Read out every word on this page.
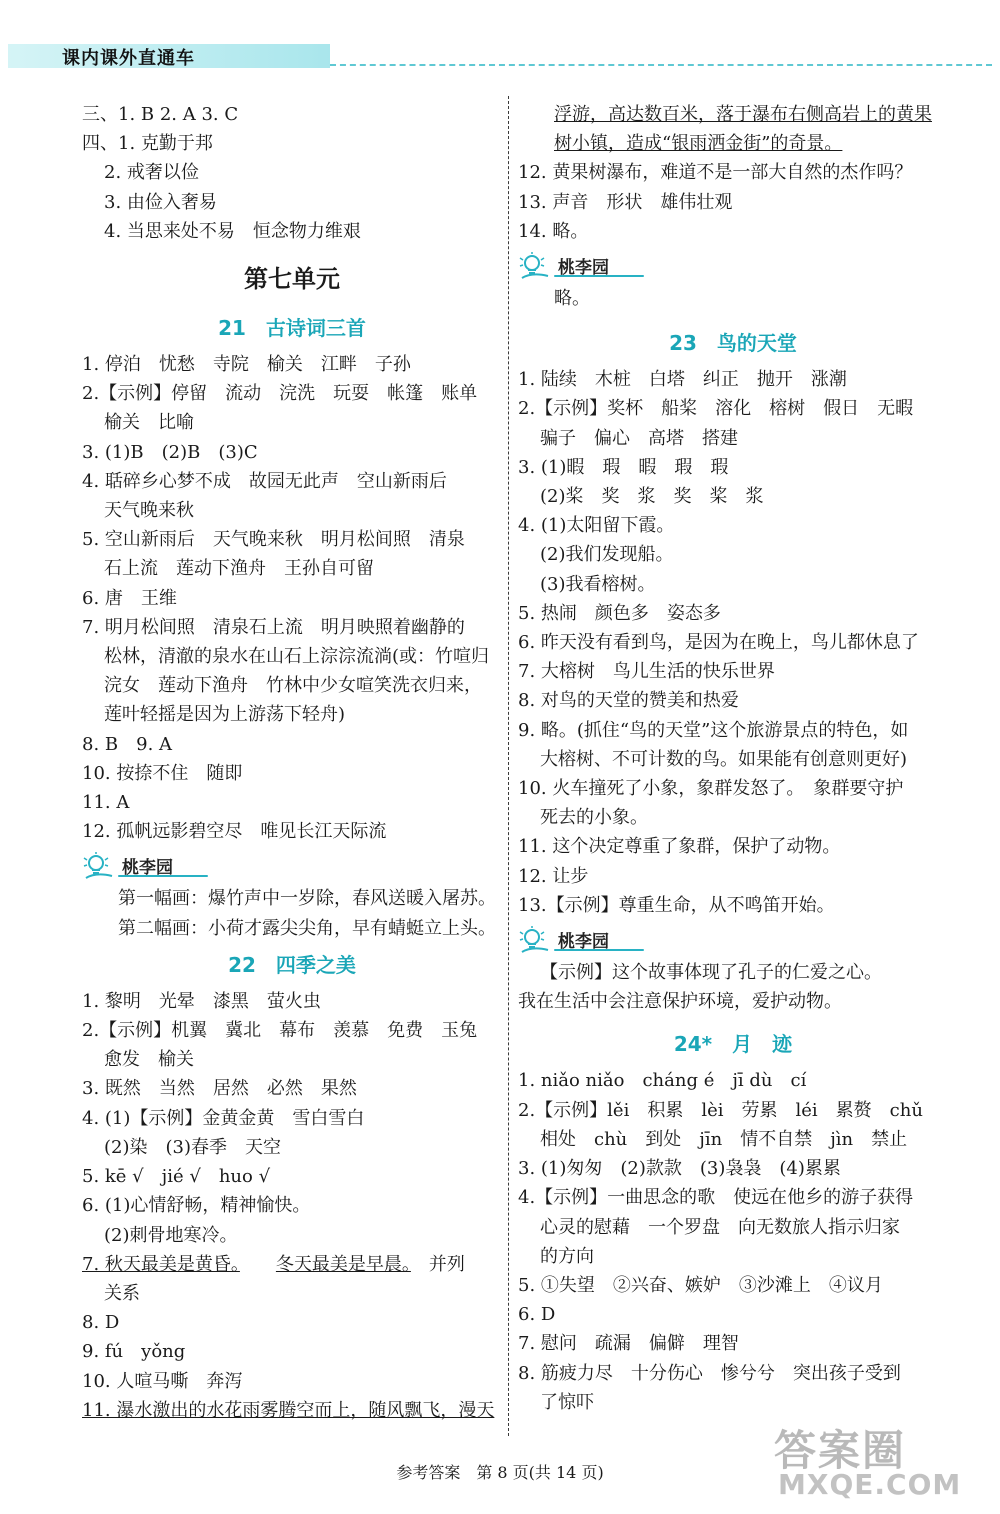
课内课外直通车
三、1. B 2. A 3. C
四、1. 克勤于邦
2. 戒奢以俭
3. 由俭入奢易
4. 当思来处不易　恒念物力维艰
第七单元
21 古诗词三首
1. 停泊　忧愁　寺院　榆关　江畔　子孙
2.【示例】停留　流动　浣洗　玩耍　帐篷　账单
榆关　比喻
3. (1)B　(2)B　(3)C
4. 聒碎乡心梦不成　故园无此声　空山新雨后
天气晚来秋
5. 空山新雨后　天气晚来秋　明月松间照　清泉
石上流　莲动下渔舟　王孙自可留
6. 唐　王维
7. 明月松间照　清泉石上流　明月映照着幽静的
松林，清澈的泉水在山石上淙淙流淌(或：竹喧归
浣女　莲动下渔舟　竹林中少女喧笑洗衣归来，
莲叶轻摇是因为上游荡下轻舟)
8. B　9. A
10. 按捺不住　随即
11. A
12. 孤帆远影碧空尽　唯见长江天际流
桃李园
第一幅画：爆竹声中一岁除，春风送暖入屠苏。
第二幅画：小荷才露尖尖角，早有蜻蜓立上头。
22 四季之美
1. 黎明　光晕　漆黑　萤火虫
2.【示例】机翼　冀北　幕布　羡慕　免费　玉兔
愈发　榆关
3. 既然　当然　居然　必然　果然
4. (1)【示例】金黄金黄　雪白雪白
(2)染　(3)春季　天空
5. kē √　jié √　huo √
6. (1)心情舒畅，精神愉快。
(2)刺骨地寒冷。
7. 秋天最美是黄昏。　　 冬天最美是早晨。　 并列
关系
8. D
9. fú　yǒng
10. 人喧马嘶　奔泻
11. 瀑水激出的水花雨雾腾空而上，随风飘飞，漫天
浮游，高达数百米，落于瀑布右侧高岩上的黄果
树小镇，造成“银雨洒金街”的奇景。
12. 黄果树瀑布，难道不是一部大自然的杰作吗？
13. 声音　形状　雄伟壮观
14. 略。
桃李园
略。
23 鸟的天堂
1. 陆续　木桩　白塔　纠正　抛开　涨潮
2.【示例】奖杯　船桨　溶化　榕树　假日　无暇
骗子　偏心　高塔　搭建
3. (1)暇　瑕　暇　瑕　瑕
(2)桨　奖　浆　奖　桨　浆
4. (1)太阳留下霞。
(2)我们发现船。
(3)我看榕树。
5. 热闹　颜色多　姿态多
6. 昨天没有看到鸟，是因为在晚上，鸟儿都休息了
7. 大榕树　鸟儿生活的快乐世界
8. 对鸟的天堂的赞美和热爱
9. 略。(抓住“鸟的天堂”这个旅游景点的特色，如
大榕树、不可计数的鸟。如果能有创意则更好)
10. 火车撞死了小象，象群发怒了。　象群要守护
死去的小象。
11. 这个决定尊重了象群，保护了动物。
12. 让步
13.【示例】尊重生命，从不鸣笛开始。
桃李园
【示例】这个故事体现了孔子的仁爱之心。
我在生活中会注意保护环境，爱护动物。
24* 月　迹
1. niǎo niǎo　cháng é　jī dù　cí
2.【示例】lěi　积累　lèi　劳累　léi　累赘　chǔ
相处　chù　到处　jīn　情不自禁　jìn　禁止
3. (1)匆匆　(2)款款　(3)袅袅　(4)累累
4.【示例】一曲思念的歌　使远在他乡的游子获得
心灵的慰藉　一个罗盘　向无数旅人指示归家
的方向
5. ①失望　②兴奋、嫉妒　③沙滩上　④议月
6. D
7. 慰问　疏漏　偏僻　理智
8. 筋疲力尽　十分伤心　惨兮兮　突出孩子受到
了惊吓
参考答案　第 8 页(共 14 页)	答案圈
MXQE.COM
